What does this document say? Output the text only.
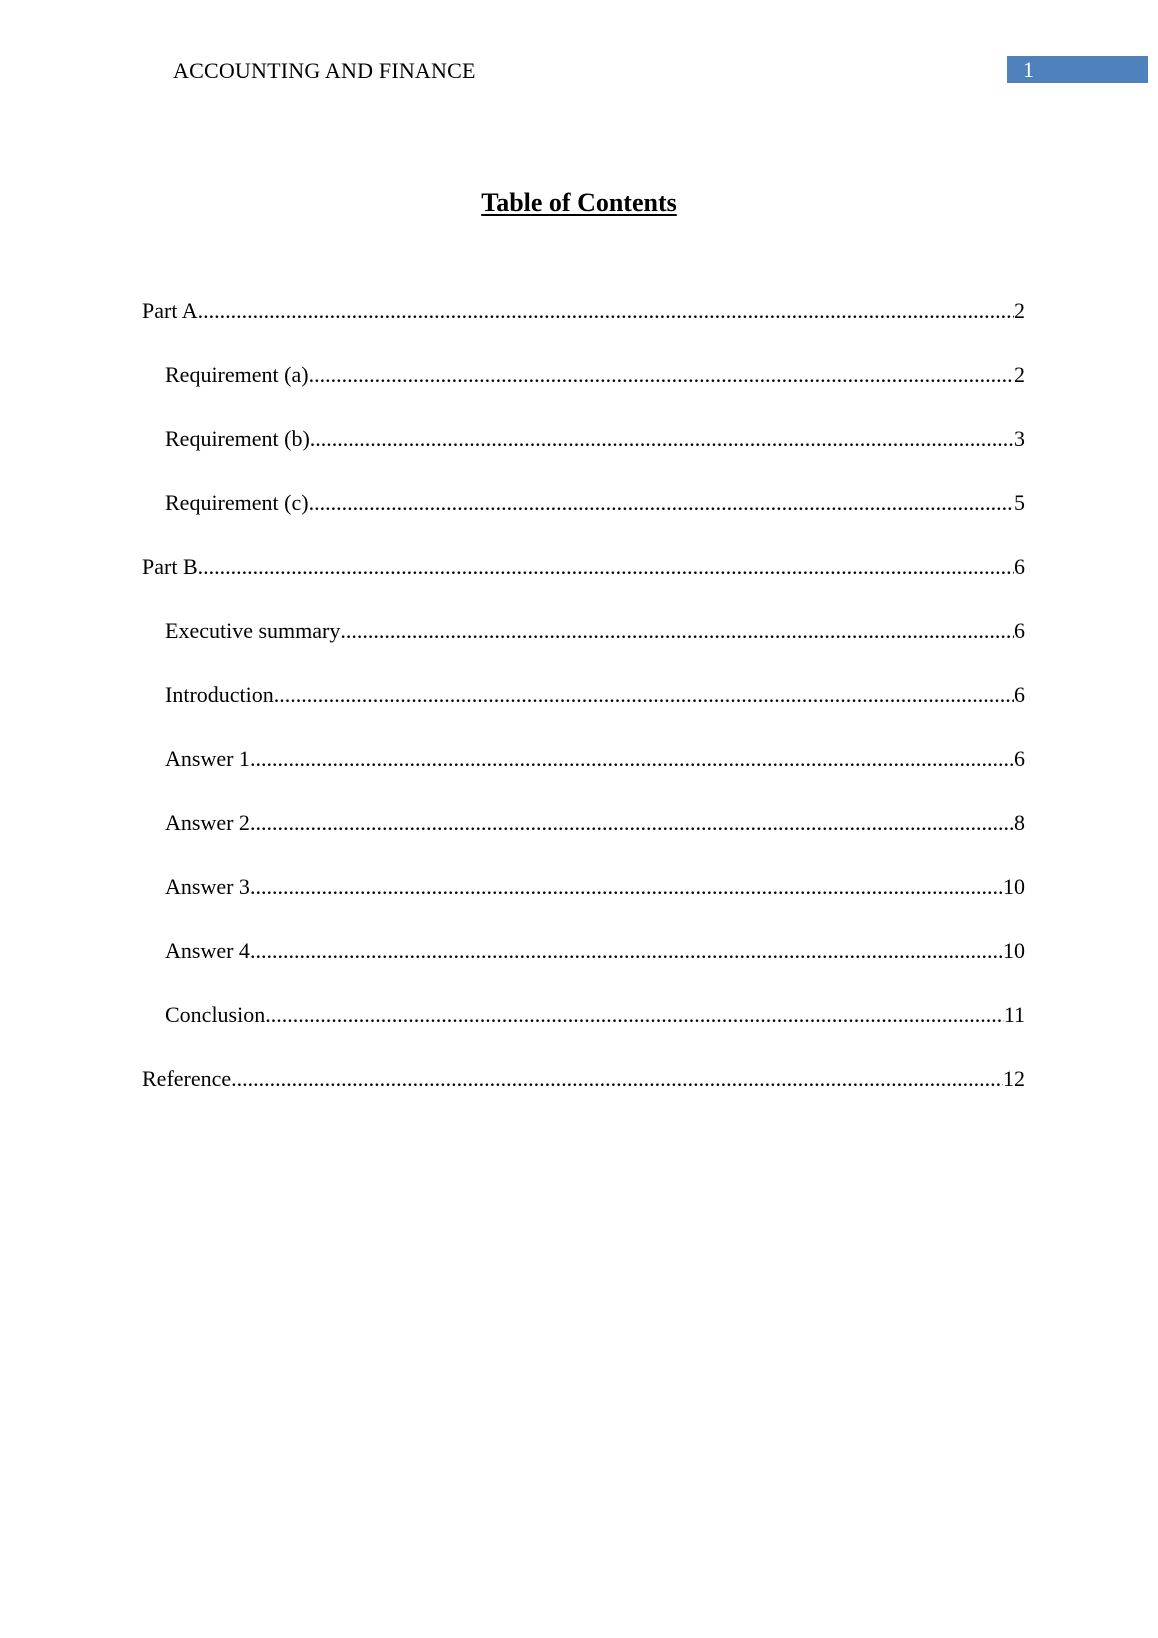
ACCOUNTING AND FINANCE	1
Table of Contents
Part A .....	2
Requirement (a) .....	2
Requirement (b) .....	3
Requirement (c) .....	5
Part B .....	6
Executive summary .....	6
Introduction .....	6
Answer 1 .....	6
Answer 2 .....	8
Answer 3 .....	10
Answer 4 .....	10
Conclusion .....	11
Reference .....	12
